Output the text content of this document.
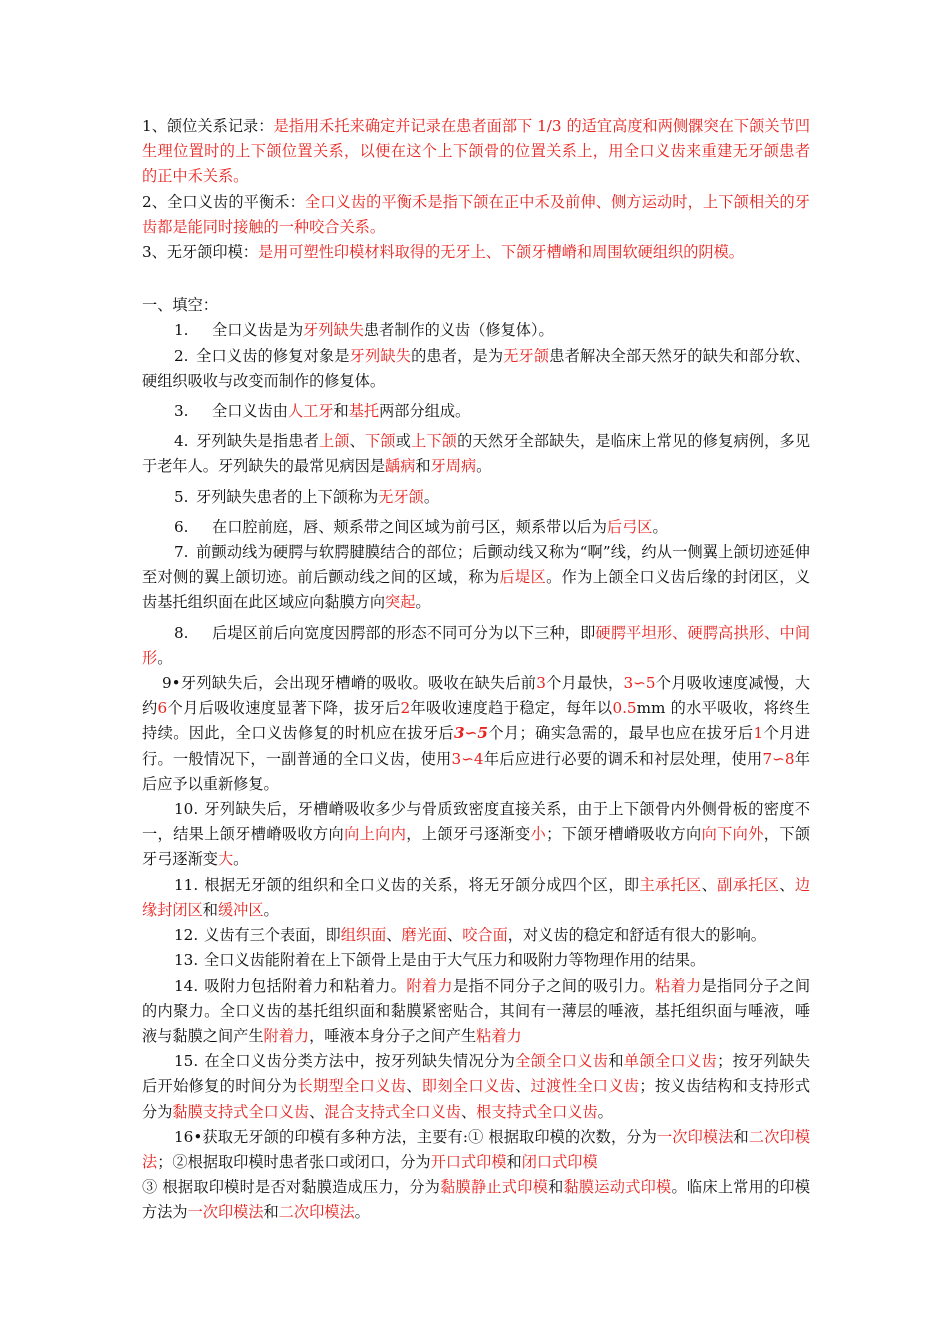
1、颌位关系记录：是指用禾托来确定并记录在患者面部下 1/3 的适宜高度和两侧髁突在下颌关节凹生理位置时的上下颌位置关系，以便在这个上下颌骨的位置关系上，用全口义齿来重建无牙颌患者的正中禾关系。

2、全口义齿的平衡禾：全口义齿的平衡禾是指下颌在正中禾及前伸、侧方运动时，上下颌相关的牙齿都是能同时接触的一种咬合关系。

3、无牙颌印模：是用可塑性印模材料取得的无牙上、下颌牙槽嵴和周围软硬组织的阴模。

一、填空：

1. 全口义齿是为牙列缺失患者制作的义齿（修复体）。

2. 全口义齿的修复对象是牙列缺失的患者，是为无牙颌患者解决全部天然牙的缺失和部分软、硬组织吸收与改变而制作的修复体。

3. 全口义齿由人工牙和基托两部分组成。

4. 牙列缺失是指患者上颌、下颌或上下颌的天然牙全部缺失，是临床上常见的修复病例，多见于老年人。牙列缺失的最常见病因是龋病和牙周病。

5. 牙列缺失患者的上下颌称为无牙颌。

6. 在口腔前庭，唇、颊系带之间区域为前弓区，颊系带以后为后弓区。

7. 前颤动线为硬腭与软腭腱膜结合的部位；后颤动线又称为“啊”线，约从一侧翼上颌切迹延伸至对侧的翼上颌切迹。前后颤动线之间的区域，称为后堤区。作为上颌全口义齿后缘的封闭区，义齿基托组织面在此区域应向黏膜方向突起。

8. 后堤区前后向宽度因腭部的形态不同可分为以下三种，即硬腭平坦形、硬腭高拱形、中间形。

9•牙列缺失后，会出现牙槽嵴的吸收。吸收在缺失后前3个月最快，3∽5个月吸收速度减慢，大约6个月后吸收速度显著下降，拔牙后2年吸收速度趋于稳定，每年以0.5mm 的水平吸收，将终生持续。因此，全口义齿修复的时机应在拔牙后3∽5个月；确实急需的，最早也应在拔牙后1个月进行。一般情况下，一副普通的全口义齿，使用3∽4年后应进行必要的调禾和衬层处理，使用7∽8年后应予以重新修复。

10. 牙列缺失后，牙槽嵴吸收多少与骨质致密度直接关系，由于上下颌骨内外侧骨板的密度不一，结果上颌牙槽嵴吸收方向向上向内，上颌牙弓逐渐变小；下颌牙槽嵴吸收方向向下向外，下颌牙弓逐渐变大。

11. 根据无牙颌的组织和全口义齿的关系，将无牙颌分成四个区，即主承托区、副承托区、边缘封闭区和缓冲区。

12. 义齿有三个表面，即组织面、磨光面、咬合面，对义齿的稳定和舒适有很大的影响。

13. 全口义齿能附着在上下颌骨上是由于大气压力和吸附力等物理作用的结果。

14. 吸附力包括附着力和粘着力。附着力是指不同分子之间的吸引力。粘着力是指同分子之间的内聚力。全口义齿的基托组织面和黏膜紧密贴合，其间有一薄层的唾液，基托组织面与唾液，唾液与黏膜之间产生附着力，唾液本身分子之间产生粘着力

15. 在全口义齿分类方法中，按牙列缺失情况分为全颌全口义齿和单颌全口义齿；按牙列缺失后开始修复的时间分为长期型全口义齿、即刻全口义齿、过渡性全口义齿；按义齿结构和支持形式分为黏膜支持式全口义齿、混合支持式全口义齿、根支持式全口义齿。

16•获取无牙颌的印模有多种方法，主要有:① 根据取印模的次数，分为一次印模法和二次印模法；②根据取印模时患者张口或闭口，分为开口式印模和闭口式印模

③ 根据取印模时是否对黏膜造成压力，分为黏膜静止式印模和黏膜运动式印模。临床上常用的印模方法为一次印模法和二次印模法。
